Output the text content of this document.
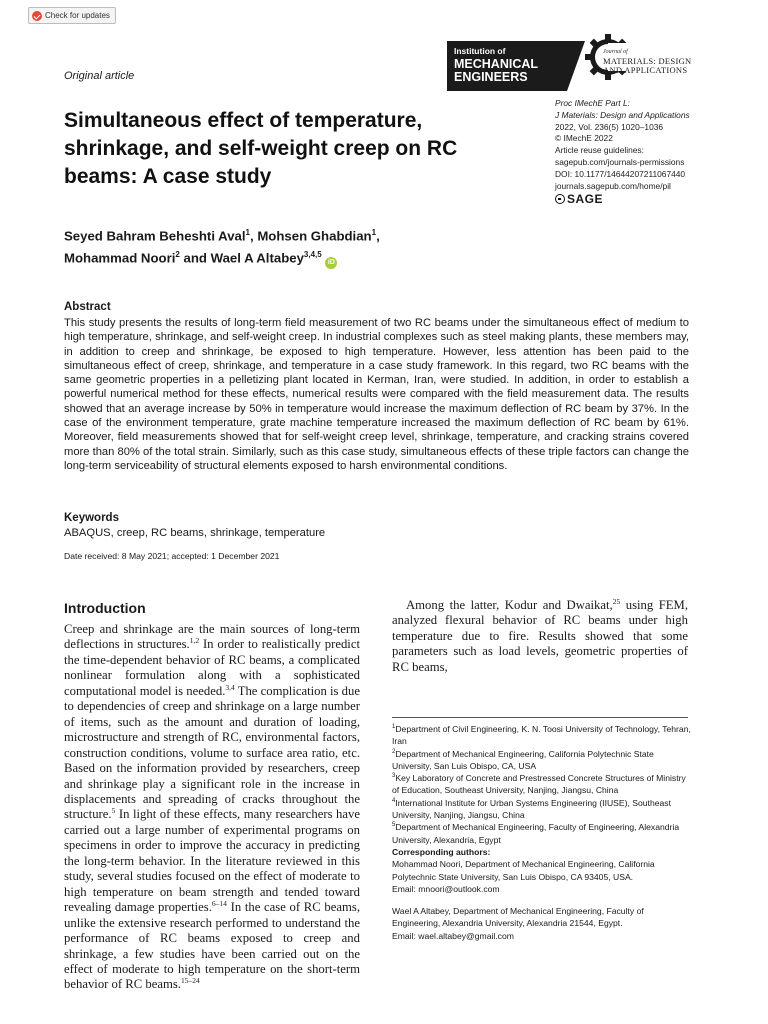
Check for updates
Original article
Institution of
MECHANICAL
ENGINEERS
Journal of
MATERIALS: DESIGN
AND APPLICATIONS
Simultaneous effect of temperature, shrinkage, and self-weight creep on RC beams: A case study
Proc IMechE Part L:
J Materials: Design and Applications
2022, Vol. 236(5) 1020–1036
© IMechE 2022
Article reuse guidelines:
sagepub.com/journals-permissions
DOI: 10.1177/14644207211067440
journals.sagepub.com/home/pil
SAGE
Seyed Bahram Beheshti Aval$^1$, Mohsen Ghabdian$^1$,
Mohammad Noori$^2$ and Wael A Altabey$^{3,4,5}$ iD
Abstract
This study presents the results of long-term field measurement of two RC beams under the simultaneous effect of medium to high temperature, shrinkage, and self-weight creep. In industrial complexes such as steel making plants, these members may, in addition to creep and shrinkage, be exposed to high temperature. However, less attention has been paid to the simultaneous effect of creep, shrinkage, and temperature in a case study framework. In this regard, two RC beams with the same geometric properties in a pelletizing plant located in Kerman, Iran, were studied. In addition, in order to establish a powerful numerical method for these effects, numerical results were compared with the field measurement data. The results showed that an average increase by 50% in temperature would increase the maximum deflection of RC beam by 37%. In the case of the environment temperature, grate machine temperature increased the maximum deflection of RC beam by 61%. Moreover, field measurements showed that for self-weight creep level, shrinkage, temperature, and cracking strains covered more than 80% of the total strain. Similarly, such as this case study, simultaneous effects of these triple factors can change the long-term serviceability of structural elements exposed to harsh environmental conditions.
Keywords
ABAQUS, creep, RC beams, shrinkage, temperature
Date received: 8 May 2021; accepted: 1 December 2021
Introduction

Creep and shrinkage are the main sources of long-term deflections in structures.$^{1,2}$ In order to realistically predict the time-dependent behavior of RC beams, a complicated nonlinear formulation along with a sophisticated computational model is needed.$^{3,4}$ The complication is due to dependencies of creep and shrinkage on a large number of items, such as the amount and duration of loading, microstructure and strength of RC, environmental factors, construction conditions, volume to surface area ratio, etc. Based on the information provided by researchers, creep and shrinkage play a significant role in the increase in displacements and spreading of cracks throughout the structure.$^5$ In light of these effects, many researchers have carried out a large number of experimental programs on specimens in order to improve the accuracy in predicting the long-term behavior. In the literature reviewed in this study, several studies focused on the effect of moderate to high temperature on beam strength and tended toward revealing damage properties.$^{6-14}$ In the case of RC beams, unlike the extensive research performed to understand the performance of RC beams exposed to creep and shrinkage, a few studies have been carried out on the effect of moderate to high temperature on the short-term behavior of RC beams.$^{15-24}$

Among the latter, Kodur and Dwaikat,$^{25}$ using FEM, analyzed flexural behavior of RC beams under high temperature due to fire. Results showed that some parameters such as load levels, geometric properties of RC beams,

$^1$Department of Civil Engineering, K. N. Toosi University of Technology, Tehran, Iran

$^2$Department of Mechanical Engineering, California Polytechnic State University, San Luis Obispo, CA, USA

$^3$Key Laboratory of Concrete and Prestressed Concrete Structures of Ministry of Education, Southeast University, Nanjing, Jiangsu, China

$^4$International Institute for Urban Systems Engineering (IIUSE), Southeast University, Nanjing, Jiangsu, China

$^5$Department of Mechanical Engineering, Faculty of Engineering, Alexandria University, Alexandria, Egypt

Corresponding authors:

Mohammad Noori, Department of Mechanical Engineering, California Polytechnic State University, San Luis Obispo, CA 93405, USA.

Email: mnoori@outlook.com

Wael A Altabey, Department of Mechanical Engineering, Faculty of Engineering, Alexandria University, Alexandria 21544, Egypt.

Email: wael.altabey@gmail.com
